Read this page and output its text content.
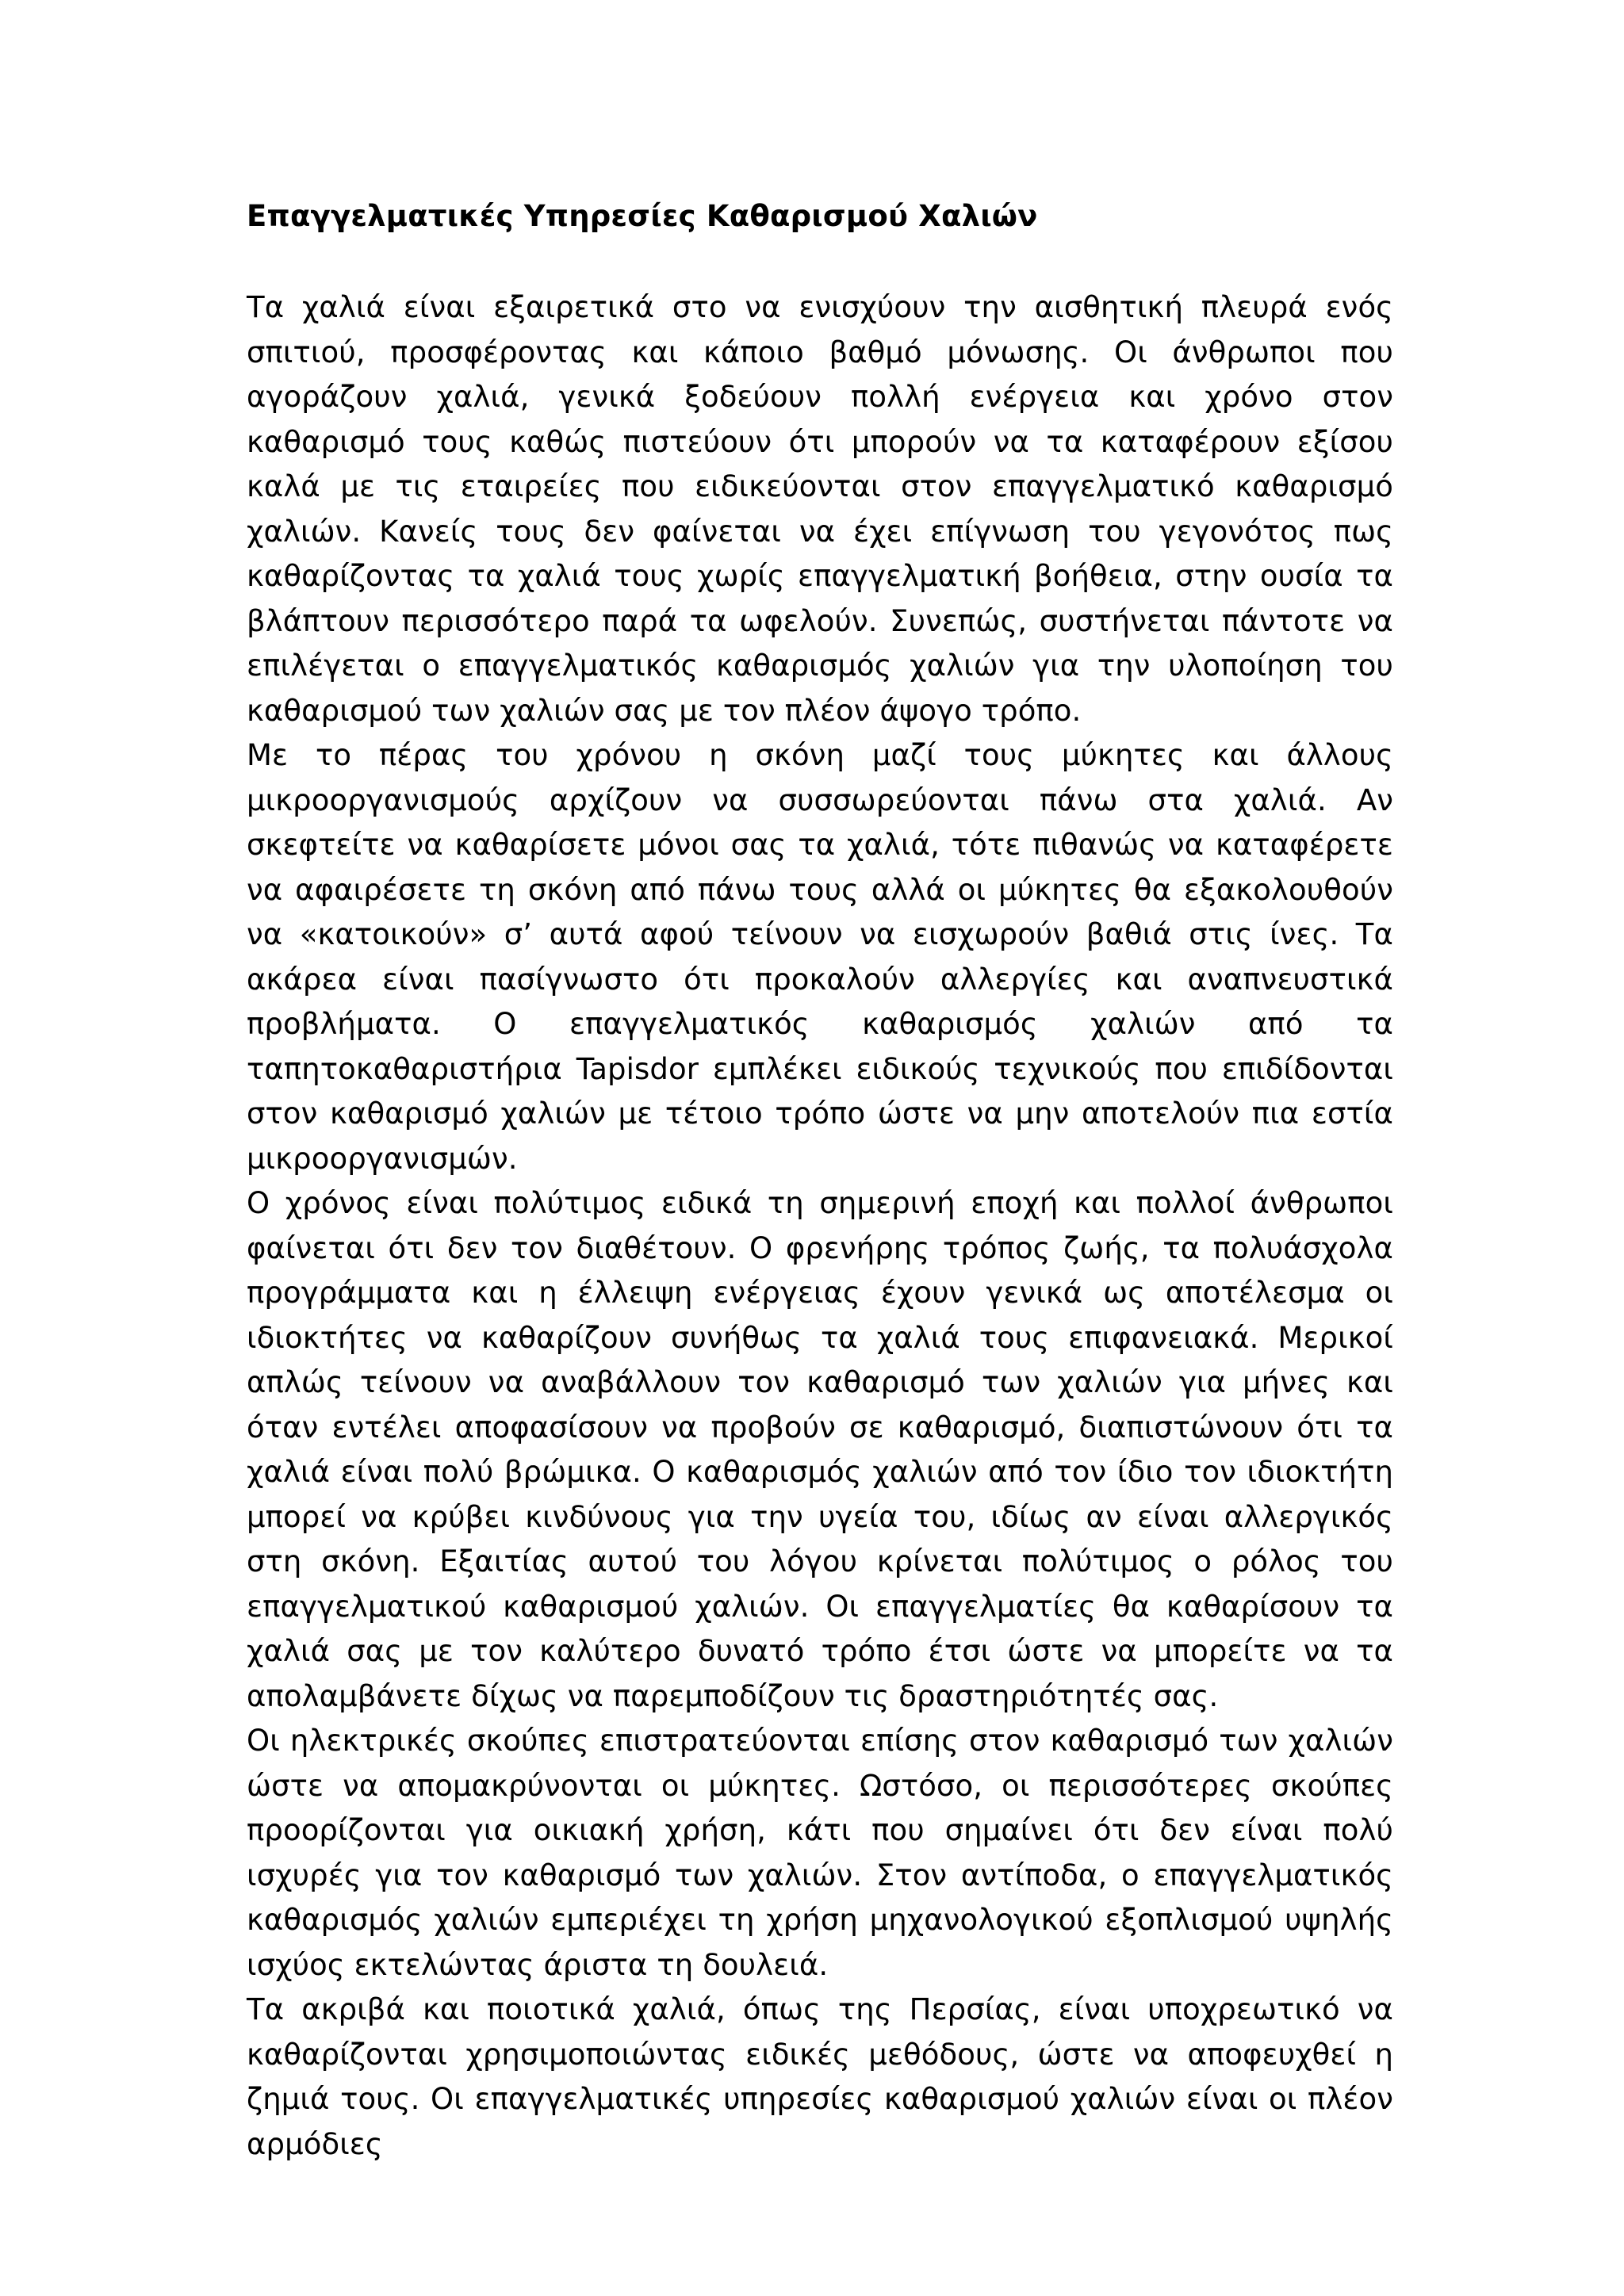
Επαγγελματικές Υπηρεσίες Καθαρισμού Χαλιών

Τα χαλιά είναι εξαιρετικά στο να ενισχύουν την αισθητική πλευρά ενός σπιτιού, προσφέροντας και κάποιο βαθμό μόνωσης. Οι άνθρωποι που αγοράζουν χαλιά, γενικά ξοδεύουν πολλή ενέργεια και χρόνο στον καθαρισμό τους καθώς πιστεύουν ότι μπορούν να τα καταφέρουν εξίσου καλά με τις εταιρείες που ειδικεύονται στον επαγγελματικό καθαρισμό χαλιών. Κανείς τους δεν φαίνεται να έχει επίγνωση του γεγονότος πως καθαρίζοντας τα χαλιά τους χωρίς επαγγελματική βοήθεια, στην ουσία τα βλάπτουν περισσότερο παρά τα ωφελούν. Συνεπώς, συστήνεται πάντοτε να επιλέγεται ο επαγγελματικός καθαρισμός χαλιών για την υλοποίηση του καθαρισμού των χαλιών σας με τον πλέον άψογο τρόπο.

Με το πέρας του χρόνου η σκόνη μαζί τους μύκητες και άλλους μικροοργανισμούς αρχίζουν να συσσωρεύονται πάνω στα χαλιά. Αν σκεφτείτε να καθαρίσετε μόνοι σας τα χαλιά, τότε πιθανώς να καταφέρετε να αφαιρέσετε τη σκόνη από πάνω τους αλλά οι μύκητες θα εξακολουθούν να «κατοικούν» σ’ αυτά αφού τείνουν να εισχωρούν βαθιά στις ίνες. Τα ακάρεα είναι πασίγνωστο ότι προκαλούν αλλεργίες και αναπνευστικά προβλήματα. Ο επαγγελματικός καθαρισμός χαλιών από τα ταπητοκαθαριστήρια Tapisdor εμπλέκει ειδικούς τεχνικούς που επιδίδονται στον καθαρισμό χαλιών με τέτοιο τρόπο ώστε να μην αποτελούν πια εστία μικροοργανισμών.

Ο χρόνος είναι πολύτιμος ειδικά τη σημερινή εποχή και πολλοί άνθρωποι φαίνεται ότι δεν τον διαθέτουν. Ο φρενήρης τρόπος ζωής, τα πολυάσχολα προγράμματα και η έλλειψη ενέργειας έχουν γενικά ως αποτέλεσμα οι ιδιοκτήτες να καθαρίζουν συνήθως τα χαλιά τους επιφανειακά. Μερικοί απλώς τείνουν να αναβάλλουν τον καθαρισμό των χαλιών για μήνες και όταν εντέλει αποφασίσουν να προβούν σε καθαρισμό, διαπιστώνουν ότι τα χαλιά είναι πολύ βρώμικα. Ο καθαρισμός χαλιών από τον ίδιο τον ιδιοκτήτη μπορεί να κρύβει κινδύνους για την υγεία του, ιδίως αν είναι αλλεργικός στη σκόνη. Εξαιτίας αυτού του λόγου κρίνεται πολύτιμος ο ρόλος του επαγγελματικού καθαρισμού χαλιών. Οι επαγγελματίες θα καθαρίσουν τα χαλιά σας με τον καλύτερο δυνατό τρόπο έτσι ώστε να μπορείτε να τα απολαμβάνετε δίχως να παρεμποδίζουν τις δραστηριότητές σας.

Οι ηλεκτρικές σκούπες επιστρατεύονται επίσης στον καθαρισμό των χαλιών ώστε να απομακρύνονται οι μύκητες. Ωστόσο, οι περισσότερες σκούπες προορίζονται για οικιακή χρήση, κάτι που σημαίνει ότι δεν είναι πολύ ισχυρές για τον καθαρισμό των χαλιών. Στον αντίποδα, ο επαγγελματικός καθαρισμός χαλιών εμπεριέχει τη χρήση μηχανολογικού εξοπλισμού υψηλής ισχύος εκτελώντας άριστα τη δουλειά.

Τα ακριβά και ποιοτικά χαλιά, όπως της Περσίας, είναι υποχρεωτικό να καθαρίζονται χρησιμοποιώντας ειδικές μεθόδους, ώστε να αποφευχθεί η ζημιά τους. Οι επαγγελματικές υπηρεσίες καθαρισμού χαλιών είναι οι πλέον αρμόδιες
